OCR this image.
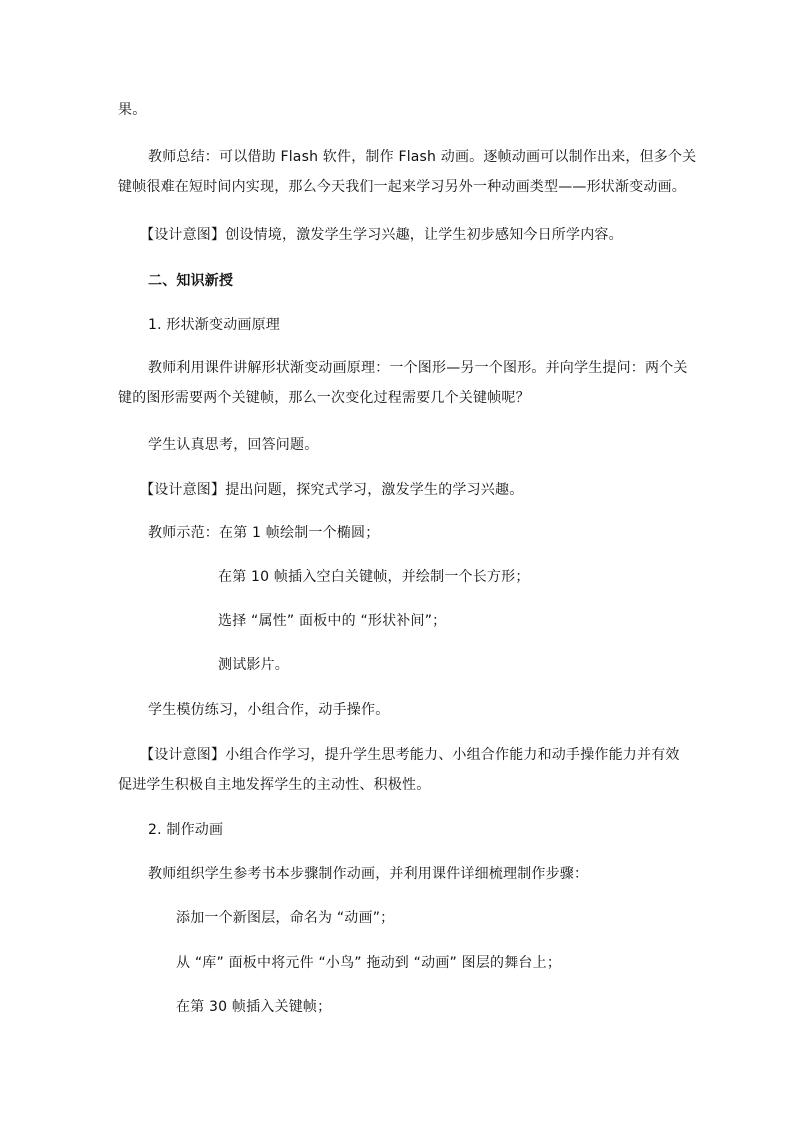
果。
教师总结：可以借助 Flash 软件，制作 Flash 动画。逐帧动画可以制作出来，但多个关
键帧很难在短时间内实现，那么今天我们一起来学习另外一种动画类型——形状渐变动画。
【设计意图】创设情境，激发学生学习兴趣，让学生初步感知今日所学内容。
二、知识新授
1. 形状渐变动画原理
教师利用课件讲解形状渐变动画原理：一个图形—另一个图形。并向学生提问：两个关
键的图形需要两个关键帧，那么一次变化过程需要几个关键帧呢？
学生认真思考，回答问题。
【设计意图】提出问题，探究式学习，激发学生的学习兴趣。
教师示范：在第 1 帧绘制一个椭圆；
在第 10 帧插入空白关键帧，并绘制一个长方形；
选择 “属性” 面板中的 “形状补间”；
测试影片。
学生模仿练习，小组合作，动手操作。
【设计意图】小组合作学习，提升学生思考能力、小组合作能力和动手操作能力并有效
促进学生积极自主地发挥学生的主动性、积极性。
2. 制作动画
教师组织学生参考书本步骤制作动画，并利用课件详细梳理制作步骤：
添加一个新图层，命名为 “动画”；
从 “库” 面板中将元件 “小鸟” 拖动到 “动画” 图层的舞台上；
在第 30 帧插入关键帧；
